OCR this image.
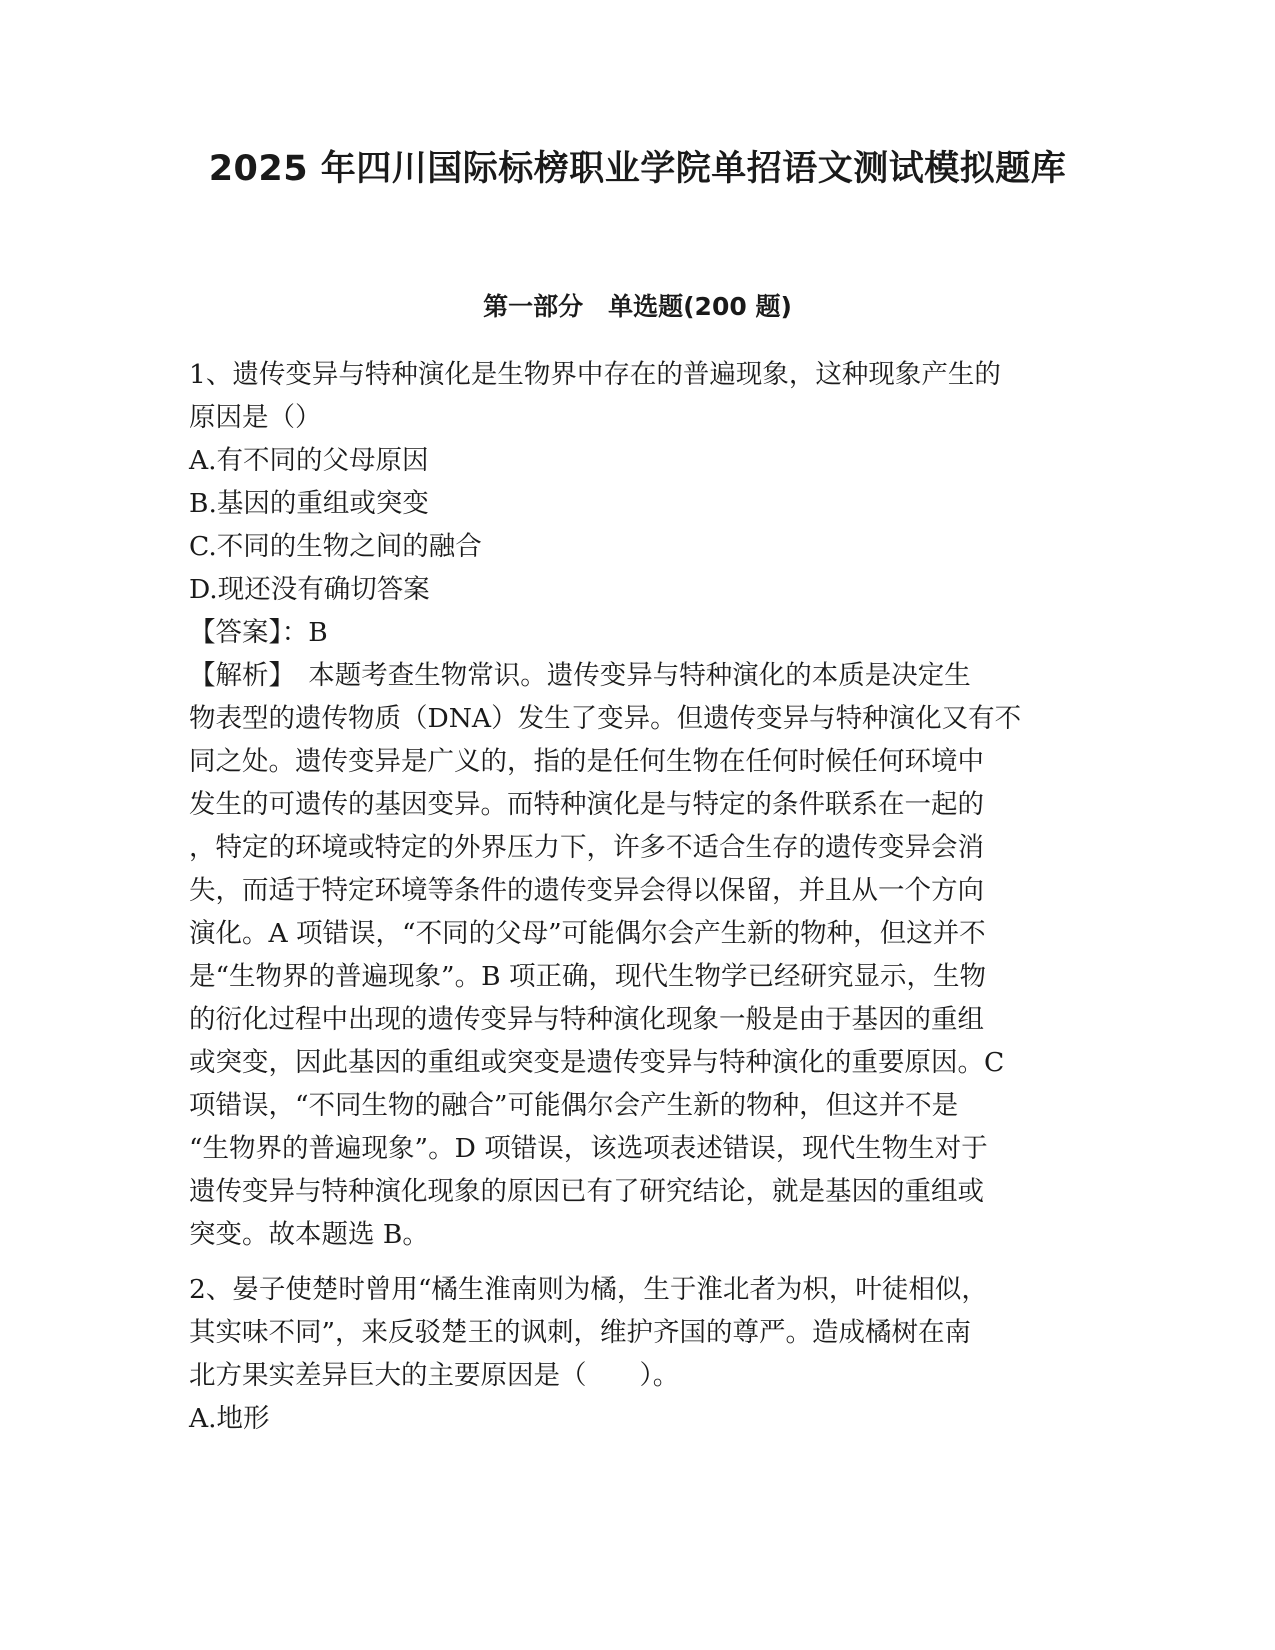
2025 年四川国际标榜职业学院单招语文测试模拟题库
第一部分　单选题(200 题)
1、遗传变异与特种演化是生物界中存在的普遍现象，这种现象产生的
原因是（）
A.有不同的父母原因
B.基因的重组或突变
C.不同的生物之间的融合
D.现还没有确切答案
【答案】：B
【解析】　本题考查生物常识。遗传变异与特种演化的本质是决定生
物表型的遗传物质（DNA）发生了变异。但遗传变异与特种演化又有不
同之处。遗传变异是广义的，指的是任何生物在任何时候任何环境中
发生的可遗传的基因变异。而特种演化是与特定的条件联系在一起的
，特定的环境或特定的外界压力下，许多不适合生存的遗传变异会消
失，而适于特定环境等条件的遗传变异会得以保留，并且从一个方向
演化。A 项错误，“不同的父母”可能偶尔会产生新的物种，但这并不
是“生物界的普遍现象”。B 项正确，现代生物学已经研究显示，生物
的衍化过程中出现的遗传变异与特种演化现象一般是由于基因的重组
或突变，因此基因的重组或突变是遗传变异与特种演化的重要原因。C
项错误，“不同生物的融合”可能偶尔会产生新的物种，但这并不是
“生物界的普遍现象”。D 项错误，该选项表述错误，现代生物生对于
遗传变异与特种演化现象的原因已有了研究结论，就是基因的重组或
突变。故本题选 B。
2、晏子使楚时曾用“橘生淮南则为橘，生于淮北者为枳，叶徒相似，
其实味不同”，来反驳楚王的讽刺，维护齐国的尊严。造成橘树在南
北方果实差异巨大的主要原因是（　　）。
A.地形
